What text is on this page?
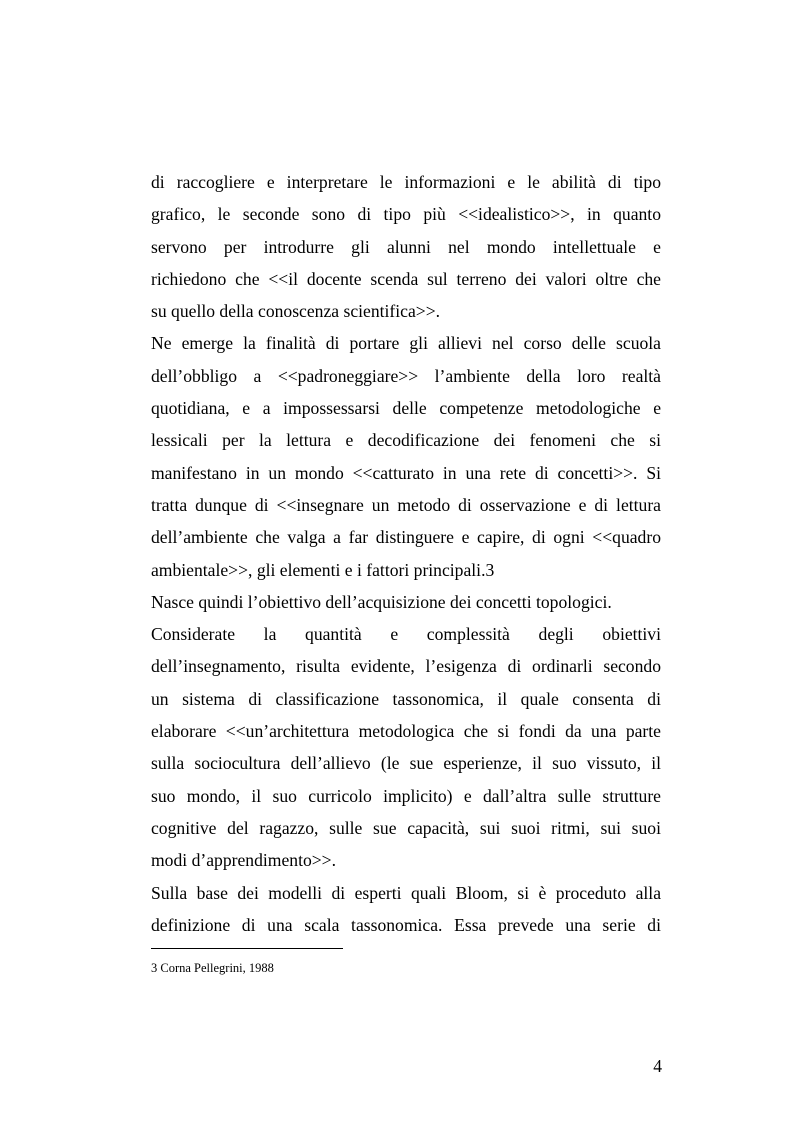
di raccogliere e interpretare le informazioni e le abilità di tipo
grafico, le seconde sono di tipo più <<idealistico>>, in quanto
servono per introdurre gli alunni nel mondo intellettuale e
richiedono che <<il docente scenda sul terreno dei valori oltre che
su quello della conoscenza scientifica>>.

Ne emerge la finalità di portare gli allievi nel corso delle scuola
dell’obbligo a <<padroneggiare>> l’ambiente della loro realtà
quotidiana, e a impossessarsi delle competenze metodologiche e
lessicali per la lettura e decodificazione dei fenomeni che si
manifestano in un mondo <<catturato in una rete di concetti>>. Si
tratta dunque di <<insegnare un metodo di osservazione e di lettura
dell’ambiente che valga a far distinguere e capire, di ogni <<quadro
ambientale>>, gli elementi e i fattori principali.3

Nasce quindi l’obiettivo dell’acquisizione dei concetti topologici.

Considerate la quantità e complessità degli obiettivi
dell’insegnamento, risulta evidente, l’esigenza di ordinarli secondo
un sistema di classificazione tassonomica, il quale consenta di
elaborare <<un’architettura metodologica che si fondi da una parte
sulla sociocultura dell’allievo (le sue esperienze, il suo vissuto, il
suo mondo, il suo curricolo implicito) e dall’altra sulle strutture
cognitive del ragazzo, sulle sue capacità, sui suoi ritmi, sui suoi
modi d’apprendimento>>.

Sulla base dei modelli di esperti quali Bloom, si è proceduto alla
definizione di una scala tassonomica. Essa prevede una serie di

3 Corna Pellegrini, 1988
4
